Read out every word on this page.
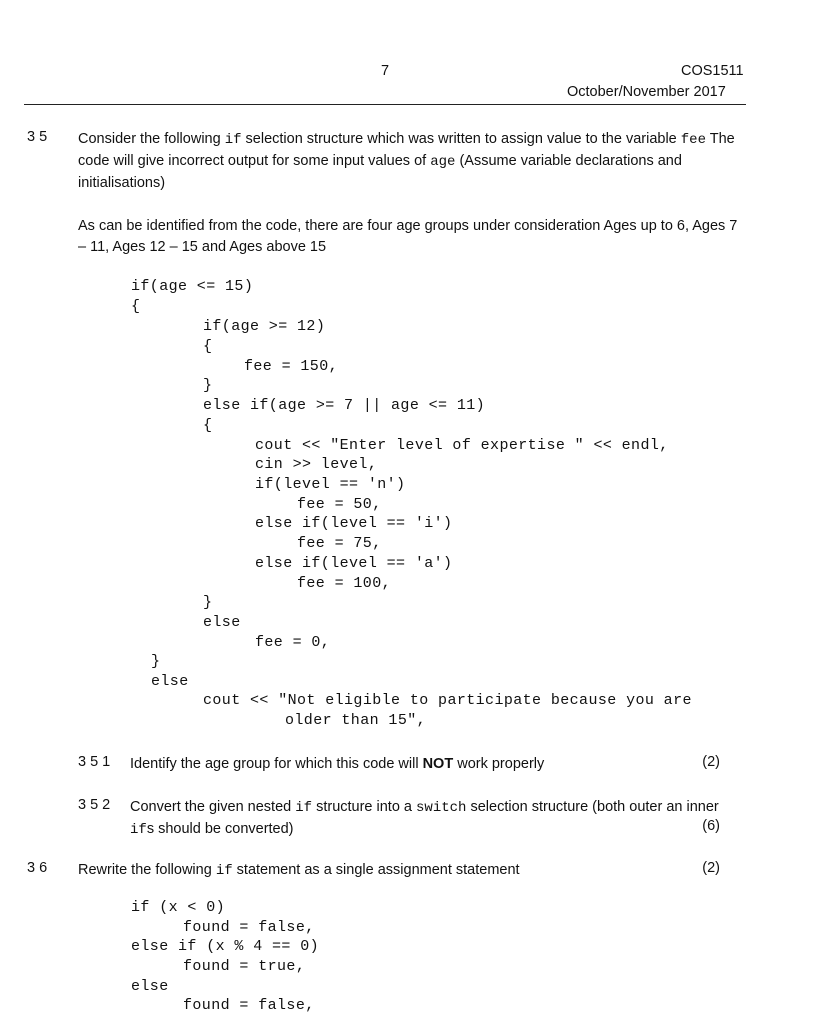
7	COS1511
October/November 2017
3 5 Consider the following if selection structure which was written to assign value to the variable fee The code will give incorrect output for some input values of age (Assume variable declarations and initialisations)
As can be identified from the code, there are four age groups under consideration Ages up to 6, Ages 7 – 11, Ages 12 – 15 and Ages above 15
if(age <= 15)
{
if(age >= 12)
{
fee = 150,
}
else if(age >= 7 || age <= 11)
{
cout << "Enter level of expertise " << endl,
cin >> level,
if(level == 'n')
fee = 50,
else if(level == 'i')
fee = 75,
else if(level == 'a')
fee = 100,
}
else
fee = 0,
}
else
cout << "Not eligible to participate because you are
older than 15",
3 5 1 Identify the age group for which this code will NOT work properly	(2)
3 5 2 Convert the given nested if structure into a switch selection structure (both outer an inner ifs should be converted)	(6)
3 6 Rewrite the following if statement as a single assignment statement	(2)
if (x < 0)
found = false,
else if (x % 4 == 0)
found = true,
else
found = false,
